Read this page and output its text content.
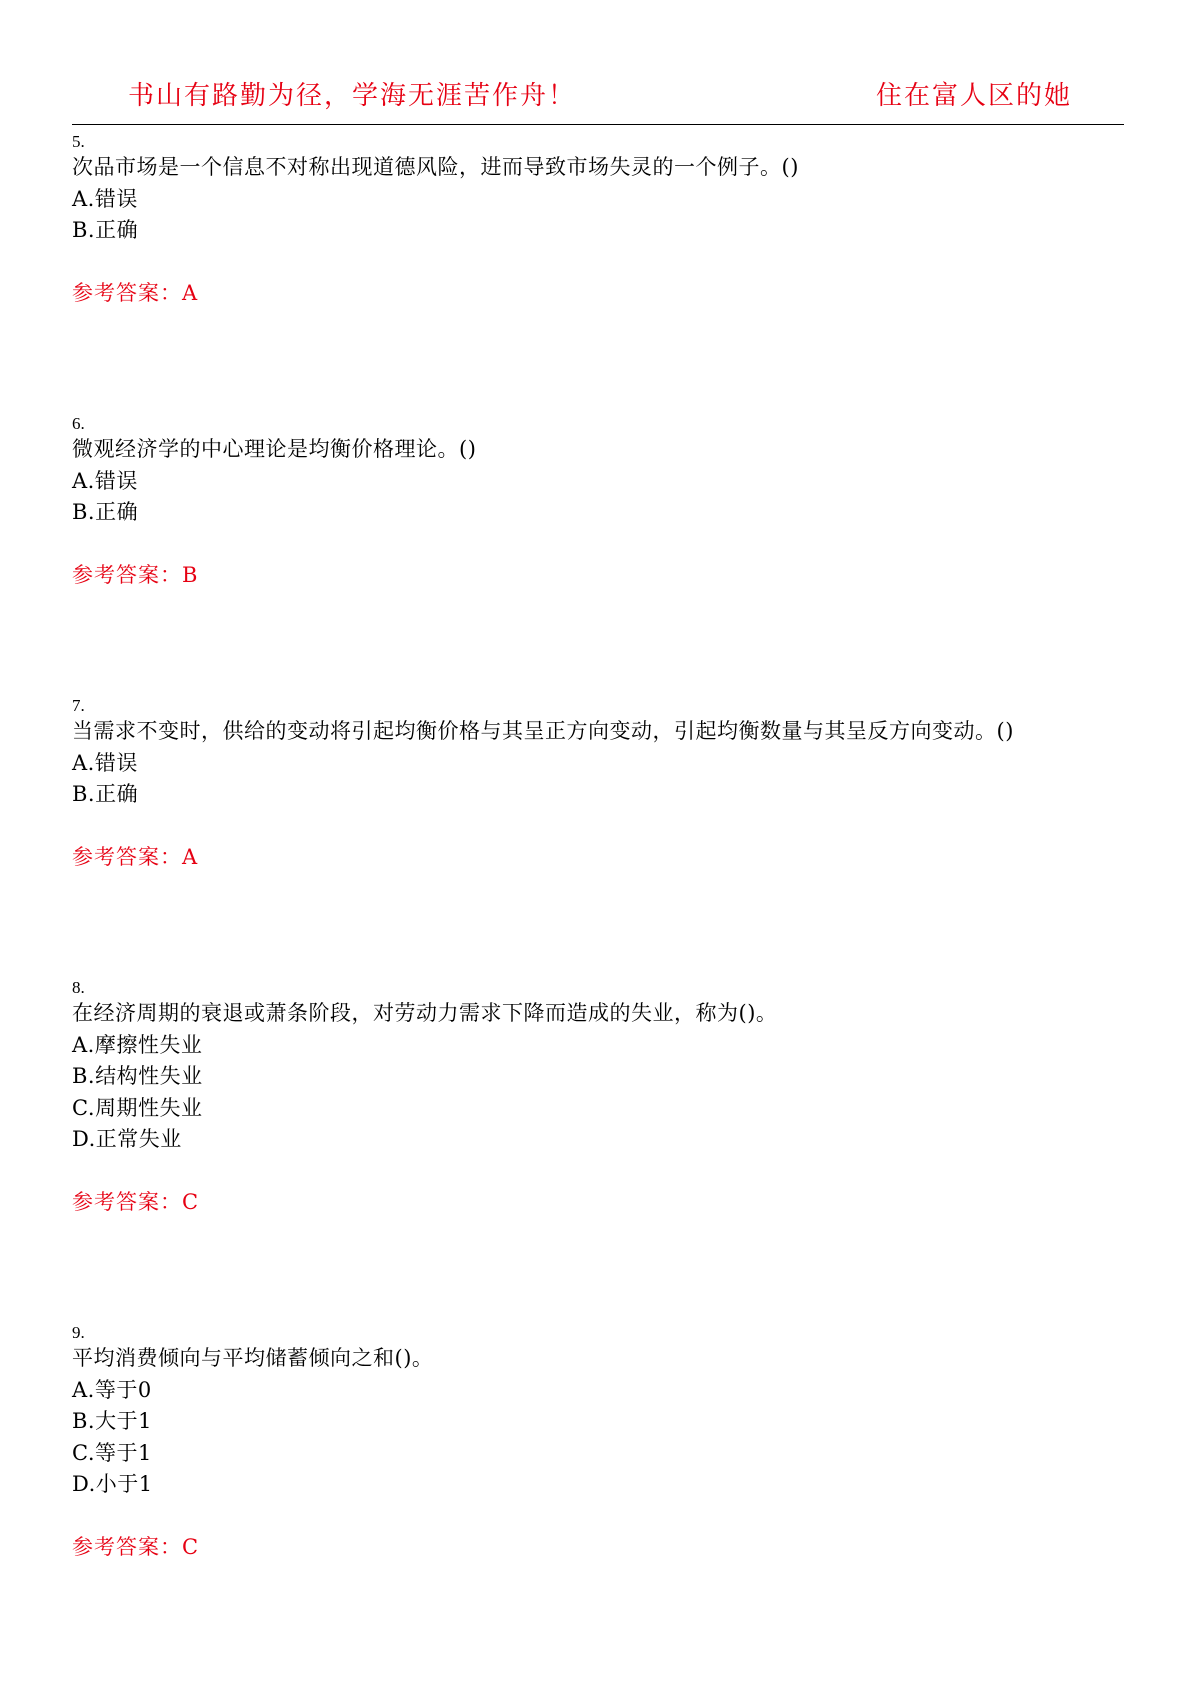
书山有路勤为径，学海无涯苦作舟！	住在富人区的她
5.
次品市场是一个信息不对称出现道德风险，进而导致市场失灵的一个例子。()
A.错误
B.正确
参考答案：A
6.
微观经济学的中心理论是均衡价格理论。()
A.错误
B.正确
参考答案：B
7.
当需求不变时，供给的变动将引起均衡价格与其呈正方向变动，引起均衡数量与其呈反方向变动。()
A.错误
B.正确
参考答案：A
8.
在经济周期的衰退或萧条阶段，对劳动力需求下降而造成的失业，称为()。
A.摩擦性失业
B.结构性失业
C.周期性失业
D.正常失业
参考答案：C
9.
平均消费倾向与平均储蓄倾向之和()。
A.等于0
B.大于1
C.等于1
D.小于1
参考答案：C
